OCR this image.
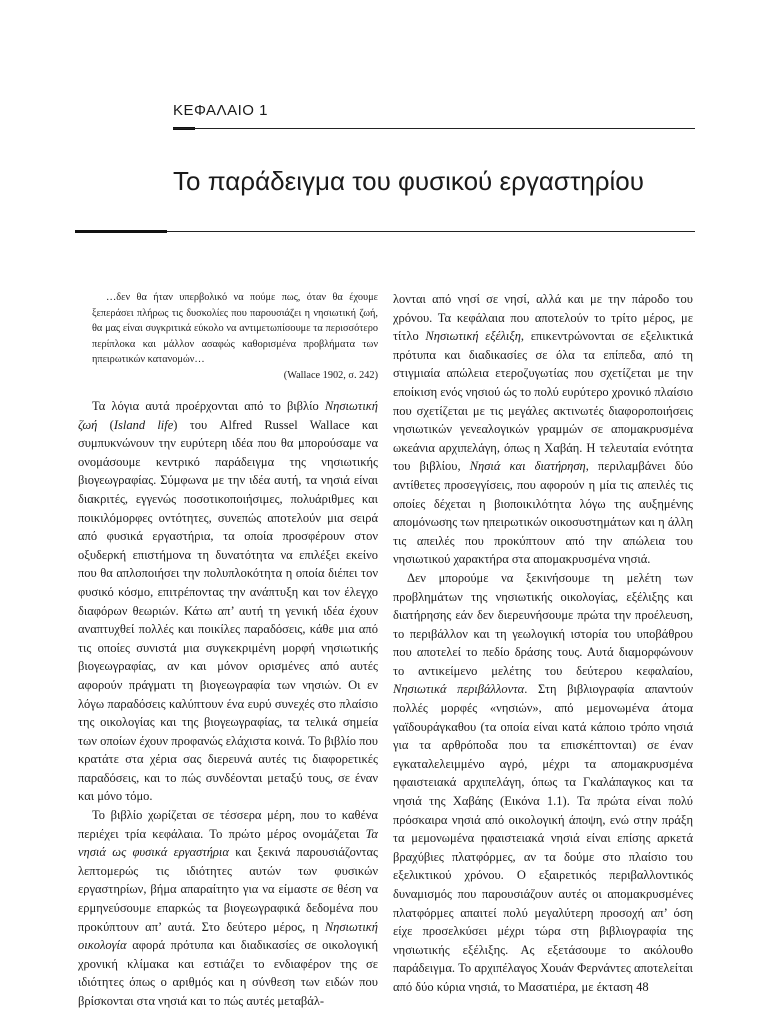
ΚΕΦΑΛΑΙΟ 1
Το παράδειγμα του φυσικού εργαστηρίου

…δεν θα ήταν υπερβολικό να πούμε πως, όταν θα έχουμε ξεπεράσει πλήρως τις δυσκολίες που παρουσιάζει η νησιωτική ζωή, θα μας είναι συγκριτικά εύκολο να αντιμετωπίσουμε τα περισσότερο περίπλοκα και μάλλον ασαφώς καθορισμένα προβλήματα των ηπειρωτικών κατανομών…

(Wallace 1902, σ. 242)

Τα λόγια αυτά προέρχονται από το βιβλίο Νησιωτική ζωή (Island life) του Alfred Russel Wallace και συμπυκνώνουν την ευρύτερη ιδέα που θα μπορούσαμε να ονομάσουμε κεντρικό παράδειγμα της νησιωτικής βιογεωγραφίας. Σύμφωνα με την ιδέα αυτή, τα νησιά είναι διακριτές, εγγενώς ποσοτικοποιήσιμες, πολυάριθμες και ποικιλόμορφες οντότητες, συνεπώς αποτελούν μια σειρά από φυσικά εργαστήρια, τα οποία προσφέρουν στον οξυδερκή επιστήμονα τη δυνατότητα να επιλέξει εκείνο που θα απλοποιήσει την πολυπλοκότητα η οποία διέπει τον φυσικό κόσμο, επιτρέποντας την ανάπτυξη και τον έλεγχο διαφόρων θεωριών. Κάτω απ’ αυτή τη γενική ιδέα έχουν αναπτυχθεί πολλές και ποικίλες παραδόσεις, κάθε μια από τις οποίες συνιστά μια συγκεκριμένη μορφή νησιωτικής βιογεωγραφίας, αν και μόνον ορισμένες από αυτές αφορούν πράγματι τη βιογεωγραφία των νησιών. Οι εν λόγω παραδόσεις καλύπτουν ένα ευρύ συνεχές στο πλαίσιο της οικολογίας και της βιογεωγραφίας, τα τελικά σημεία των οποίων έχουν προφανώς ελάχιστα κοινά. Το βιβλίο που κρατάτε στα χέρια σας διερευνά αυτές τις διαφορετικές παραδόσεις, και το πώς συνδέονται μεταξύ τους, σε έναν και μόνο τόμο.

Το βιβλίο χωρίζεται σε τέσσερα μέρη, που το καθένα περιέχει τρία κεφάλαια. Το πρώτο μέρος ονομάζεται Τα νησιά ως φυσικά εργαστήρια και ξεκινά παρουσιάζοντας λεπτομερώς τις ιδιότητες αυτών των φυσικών εργαστηρίων, βήμα απαραίτητο για να είμαστε σε θέση να ερμηνεύσουμε επαρκώς τα βιογεωγραφικά δεδομένα που προκύπτουν απ’ αυτά. Στο δεύτερο μέρος, η Νησιωτική οικολογία αφορά πρότυπα και διαδικασίες σε οικολογική χρονική κλίμακα και εστιάζει το ενδιαφέρον της σε ιδιότητες όπως ο αριθμός και η σύνθεση των ειδών που βρίσκονται στα νησιά και το πώς αυτές μεταβάλ-

λονται από νησί σε νησί, αλλά και με την πάροδο του χρόνου. Τα κεφάλαια που αποτελούν το τρίτο μέρος, με τίτλο Νησιωτική εξέλιξη, επικεντρώνονται σε εξελικτικά πρότυπα και διαδικασίες σε όλα τα επίπεδα, από τη στιγμιαία απώλεια ετεροζυγωτίας που σχετίζεται με την εποίκιση ενός νησιού ώς το πολύ ευρύτερο χρονικό πλαίσιο που σχετίζεται με τις μεγάλες ακτινωτές διαφοροποιήσεις νησιωτικών γενεαλογικών γραμμών σε απομακρυσμένα ωκεάνια αρχιπελάγη, όπως η Χαβάη. Η τελευταία ενότητα του βιβλίου, Νησιά και διατήρηση, περιλαμβάνει δύο αντίθετες προσεγγίσεις, που αφορούν η μία τις απειλές τις οποίες δέχεται η βιοποικιλότητα λόγω της αυξημένης απομόνωσης των ηπειρωτικών οικοσυστημάτων και η άλλη τις απειλές που προκύπτουν από την απώλεια του νησιωτικού χαρακτήρα στα απομακρυσμένα νησιά.

Δεν μπορούμε να ξεκινήσουμε τη μελέτη των προβλημάτων της νησιωτικής οικολογίας, εξέλιξης και διατήρησης εάν δεν διερευνήσουμε πρώτα την προέλευση, το περιβάλλον και τη γεωλογική ιστορία του υποβάθρου που αποτελεί το πεδίο δράσης τους. Αυτά διαμορφώνουν το αντικείμενο μελέτης του δεύτερου κεφαλαίου, Νησιωτικά περιβάλλοντα. Στη βιβλιογραφία απαντούν πολλές μορφές «νησιών», από μεμονωμένα άτομα γαϊδουράγκαθου (τα οποία είναι κατά κάποιο τρόπο νησιά για τα αρθρόποδα που τα επισκέπτονται) σε έναν εγκαταλελειμμένο αγρό, μέχρι τα απομακρυσμένα ηφαιστειακά αρχιπελάγη, όπως τα Γκαλάπαγκος και τα νησιά της Χαβάης (Εικόνα 1.1). Τα πρώτα είναι πολύ πρόσκαιρα νησιά από οικολογική άποψη, ενώ στην πράξη τα μεμονωμένα ηφαιστειακά νησιά είναι επίσης αρκετά βραχύβιες πλατφόρμες, αν τα δούμε στο πλαίσιο του εξελικτικού χρόνου. Ο εξαιρετικός περιβαλλοντικός δυναμισμός που παρουσιάζουν αυτές οι απομακρυσμένες πλατφόρμες απαιτεί πολύ μεγαλύτερη προσοχή απ’ όση είχε προσελκύσει μέχρι τώρα στη βιβλιογραφία της νησιωτικής εξέλιξης. Ας εξετάσουμε το ακόλουθο παράδειγμα. Το αρχιπέλαγος Χουάν Φερνάντες αποτελείται από δύο κύρια νησιά, το Μασατιέρα, με έκταση 48
